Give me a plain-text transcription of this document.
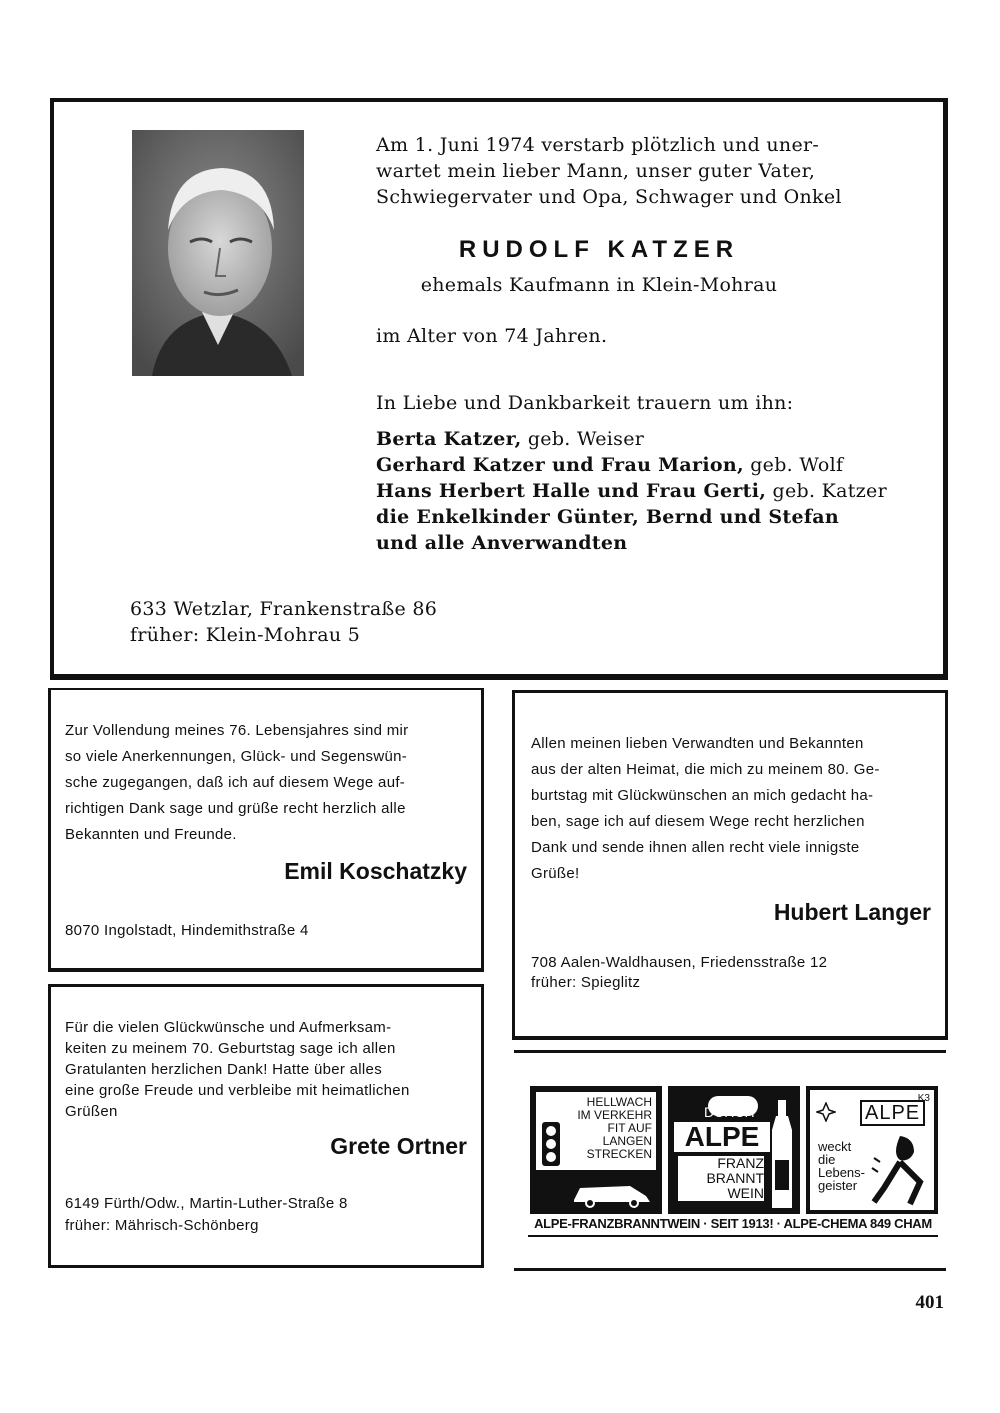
Am 1. Juni 1974 verstarb plötzlich und uner-
wartet mein lieber Mann, unser guter Vater,
Schwiegervater und Opa, Schwager und Onkel
RUDOLF KATZER
ehemals Kaufmann in Klein-Mohrau
im Alter von 74 Jahren.
In Liebe und Dankbarkeit trauern um ihn:
Berta Katzer, geb. Weiser
Gerhard Katzer und Frau Marion, geb. Wolf
Hans Herbert Halle und Frau Gerti, geb. Katzer
die Enkelkinder Günter, Bernd und Stefan
und alle Anverwandten
633 Wetzlar, Frankenstraße 86
früher: Klein-Mohrau 5
Zur Vollendung meines 76. Lebensjahres sind mir
so viele Anerkennungen, Glück- und Segenswün-
sche zugegangen, daß ich auf diesem Wege auf-
richtigen Dank sage und grüße recht herzlich alle
Bekannten und Freunde.
Emil Koschatzky
8070 Ingolstadt, Hindemithstraße 4
Allen meinen lieben Verwandten und Bekannten
aus der alten Heimat, die mich zu meinem 80. Ge-
burtstag mit Glückwünschen an mich gedacht ha-
ben, sage ich auf diesem Wege recht herzlichen
Dank und sende ihnen allen recht viele innigste
Grüße!
Hubert Langer
708 Aalen-Waldhausen, Friedensstraße 12
früher: Spieglitz
Für die vielen Glückwünsche und Aufmerksam-
keiten zu meinem 70. Geburtstag sage ich allen
Gratulanten herzlichen Dank! Hatte über alles
eine große Freude und verbleibe mit heimatlichen
Grüßen
Grete Ortner
6149 Fürth/Odw., Martin-Luther-Straße 8
früher: Mährisch-Schönberg
HELLWACH
IM VERKEHR
FIT AUF
LANGEN
STRECKEN
DURCH
ALPE
FRANZ
BRANNT
WEIN
K3
ALPE
weckt
die
Lebens-
geister
ALPE-FRANZBRANNTWEIN · SEIT 1913! · ALPE-CHEMA 849 CHAM
401
